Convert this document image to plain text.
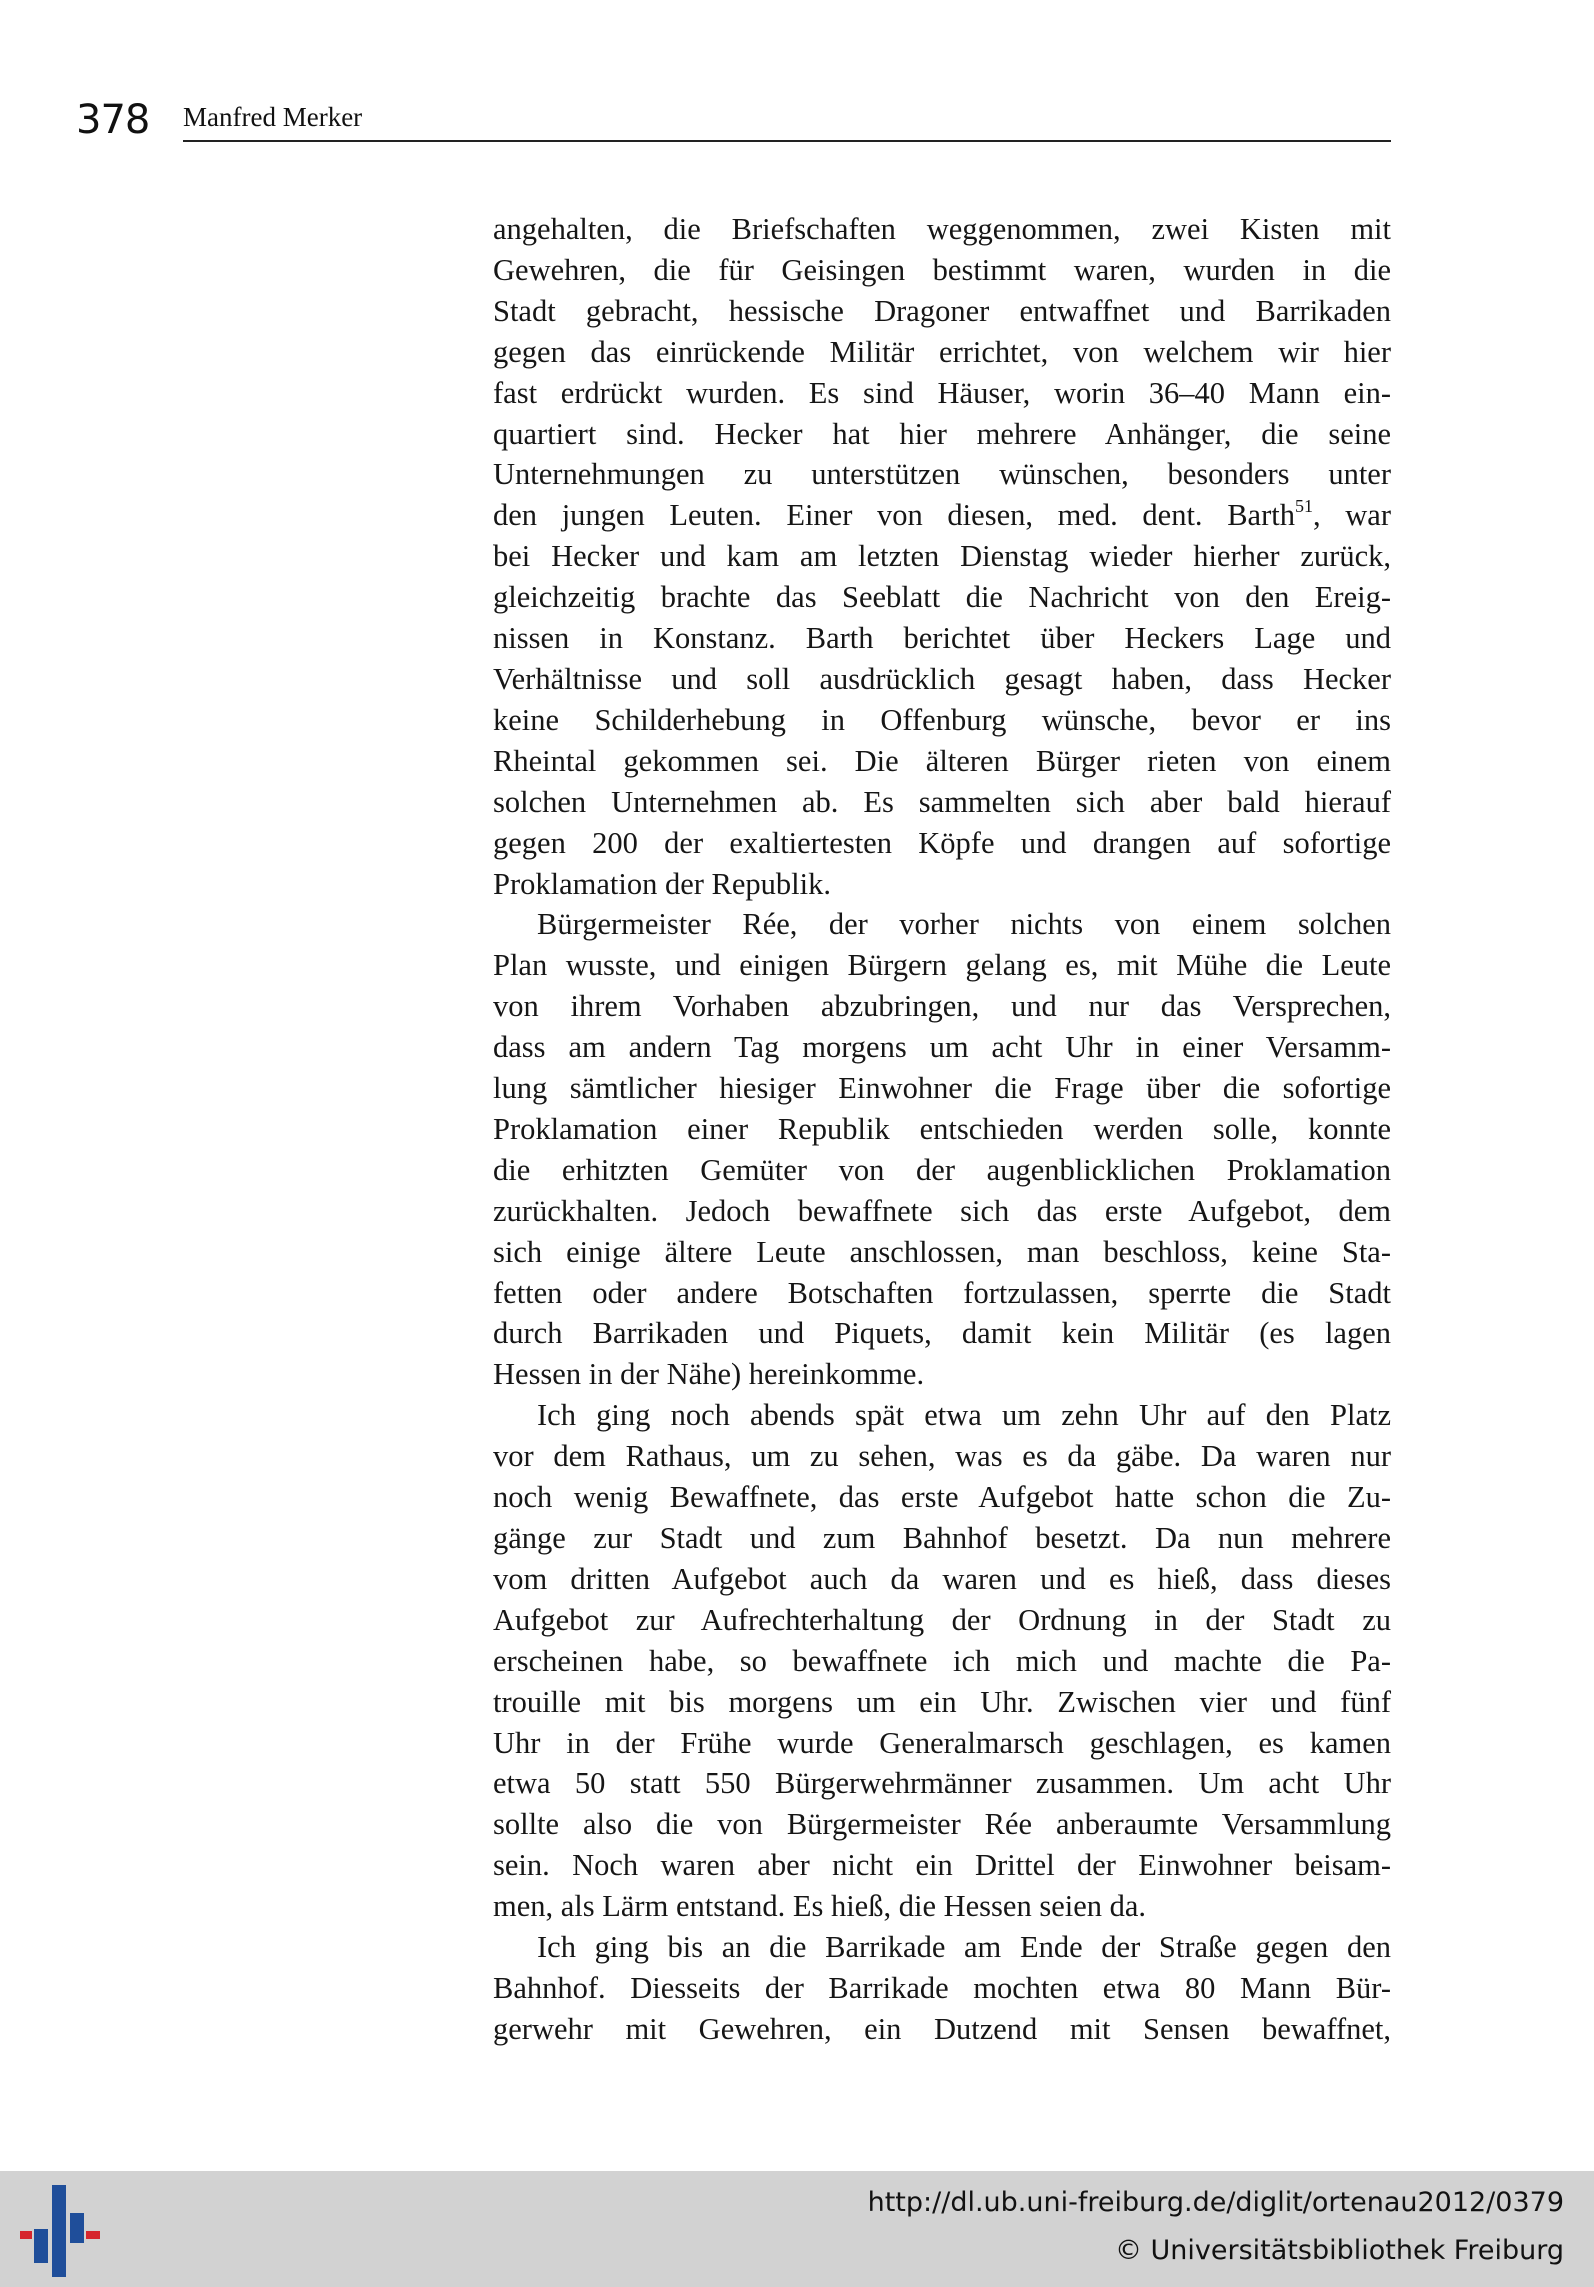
378 Manfred Merker
angehalten, die Briefschaften weggenommen, zwei Kisten mit
Gewehren, die für Geisingen bestimmt waren, wurden in die
Stadt gebracht, hessische Dragoner entwaffnet und Barrikaden
gegen das einrückende Militär errichtet, von welchem wir hier
fast erdrückt wurden. Es sind Häuser, worin 36–40 Mann ein-
quartiert sind. Hecker hat hier mehrere Anhänger, die seine
Unternehmungen zu unterstützen wünschen, besonders unter
den jungen Leuten. Einer von diesen, med. dent. Barth$^{51}$, war
bei Hecker und kam am letzten Dienstag wieder hierher zurück,
gleichzeitig brachte das Seeblatt die Nachricht von den Ereig-
nissen in Konstanz. Barth berichtet über Heckers Lage und
Verhältnisse und soll ausdrücklich gesagt haben, dass Hecker
keine Schilderhebung in Offenburg wünsche, bevor er ins
Rheintal gekommen sei. Die älteren Bürger rieten von einem
solchen Unternehmen ab. Es sammelten sich aber bald hierauf
gegen 200 der exaltiertesten Köpfe und drangen auf sofortige
Proklamation der Republik.
Bürgermeister Rée, der vorher nichts von einem solchen
Plan wusste, und einigen Bürgern gelang es, mit Mühe die Leute
von ihrem Vorhaben abzubringen, und nur das Versprechen,
dass am andern Tag morgens um acht Uhr in einer Versamm-
lung sämtlicher hiesiger Einwohner die Frage über die sofortige
Proklamation einer Republik entschieden werden solle, konnte
die erhitzten Gemüter von der augenblicklichen Proklamation
zurückhalten. Jedoch bewaffnete sich das erste Aufgebot, dem
sich einige ältere Leute anschlossen, man beschloss, keine Sta-
fetten oder andere Botschaften fortzulassen, sperrte die Stadt
durch Barrikaden und Piquets, damit kein Militär (es lagen
Hessen in der Nähe) hereinkomme.
Ich ging noch abends spät etwa um zehn Uhr auf den Platz
vor dem Rathaus, um zu sehen, was es da gäbe. Da waren nur
noch wenig Bewaffnete, das erste Aufgebot hatte schon die Zu-
gänge zur Stadt und zum Bahnhof besetzt. Da nun mehrere
vom dritten Aufgebot auch da waren und es hieß, dass dieses
Aufgebot zur Aufrechterhaltung der Ordnung in der Stadt zu
erscheinen habe, so bewaffnete ich mich und machte die Pa-
trouille mit bis morgens um ein Uhr. Zwischen vier und fünf
Uhr in der Frühe wurde Generalmarsch geschlagen, es kamen
etwa 50 statt 550 Bürgerwehrmänner zusammen. Um acht Uhr
sollte also die von Bürgermeister Rée anberaumte Versammlung
sein. Noch waren aber nicht ein Drittel der Einwohner beisam-
men, als Lärm entstand. Es hieß, die Hessen seien da.
Ich ging bis an die Barrikade am Ende der Straße gegen den
Bahnhof. Diesseits der Barrikade mochten etwa 80 Mann Bür-
gerwehr mit Gewehren, ein Dutzend mit Sensen bewaffnet,
http://dl.ub.uni-freiburg.de/diglit/ortenau2012/0379
© Universitätsbibliothek Freiburg
